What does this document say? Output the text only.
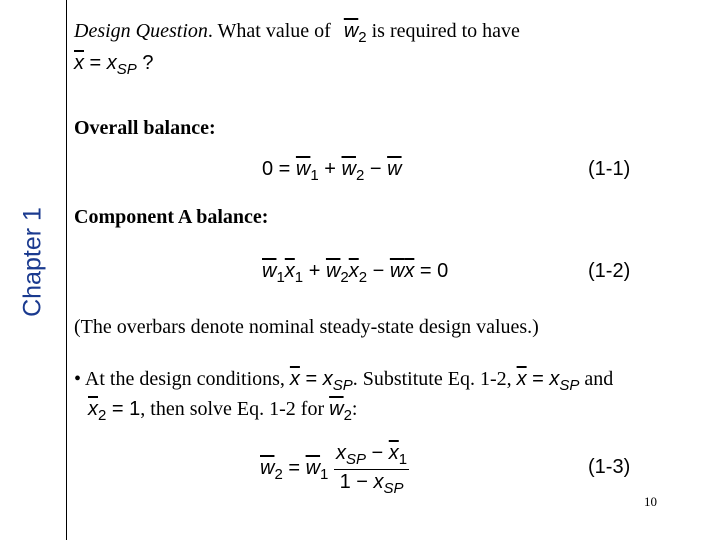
Chapter 1
Design Question. What value of $\overline{w}_2$ is required to have
$\overline{x} = x_{SP}$ ?
Overall balance:
$0 = \overline{w}_1 + \overline{w}_2 - \overline{w}$	(1-1)
Component A balance:
$\overline{w}_1\overline{x}_1 + \overline{w}_2\overline{x}_2 - \overline{w}\overline{x} = 0$	(1-2)
(The overbars denote nominal steady-state design values.)
• At the design conditions, $\overline{x} = x_{SP}$. Substitute Eq. 1-2, $\overline{x} = x_{SP}$ and
$\overline{x}_2 = 1$, then solve Eq. 1-2 for $\overline{w}_2$:
$\overline{w}_2 = \overline{w}_1 \frac{x_{SP} - \overline{x}_1}{1 - x_{SP}}$	(1-3)
10
